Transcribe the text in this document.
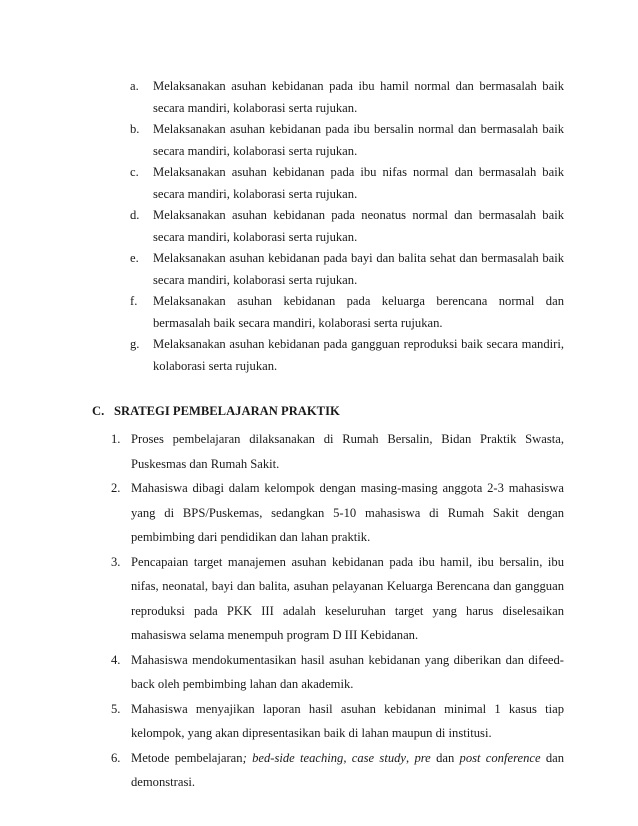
a. Melaksanakan asuhan kebidanan pada ibu hamil normal dan bermasalah baik secara mandiri, kolaborasi serta rujukan.
b. Melaksanakan asuhan kebidanan pada ibu bersalin normal dan bermasalah baik secara mandiri, kolaborasi serta rujukan.
c. Melaksanakan asuhan kebidanan pada ibu nifas normal dan bermasalah baik secara mandiri, kolaborasi serta rujukan.
d. Melaksanakan asuhan kebidanan pada neonatus normal dan bermasalah baik secara mandiri, kolaborasi serta rujukan.
e. Melaksanakan asuhan kebidanan pada bayi dan balita sehat dan bermasalah baik secara mandiri, kolaborasi serta rujukan.
f. Melaksanakan asuhan kebidanan pada keluarga berencana normal dan bermasalah baik secara mandiri, kolaborasi serta rujukan.
g. Melaksanakan asuhan kebidanan pada gangguan reproduksi baik secara mandiri, kolaborasi serta rujukan.
C. SRATEGI PEMBELAJARAN PRAKTIK
1. Proses pembelajaran dilaksanakan di Rumah Bersalin, Bidan Praktik Swasta, Puskesmas dan Rumah Sakit.
2. Mahasiswa dibagi dalam kelompok dengan masing-masing anggota 2-3 mahasiswa yang di BPS/Puskemas, sedangkan 5-10 mahasiswa di Rumah Sakit dengan pembimbing dari pendidikan dan lahan praktik.
3. Pencapaian target manajemen asuhan kebidanan pada ibu hamil, ibu bersalin, ibu nifas, neonatal, bayi dan balita, asuhan pelayanan Keluarga Berencana dan gangguan reproduksi pada PKK III adalah keseluruhan target yang harus diselesaikan mahasiswa selama menempuh program D III Kebidanan.
4. Mahasiswa mendokumentasikan hasil asuhan kebidanan yang diberikan dan difeed-back oleh pembimbing lahan dan akademik.
5. Mahasiswa menyajikan laporan hasil asuhan kebidanan minimal 1 kasus tiap kelompok, yang akan dipresentasikan baik di lahan maupun di institusi.
6. Metode pembelajaran; bed-side teaching, case study, pre dan post conference dan demonstrasi.
